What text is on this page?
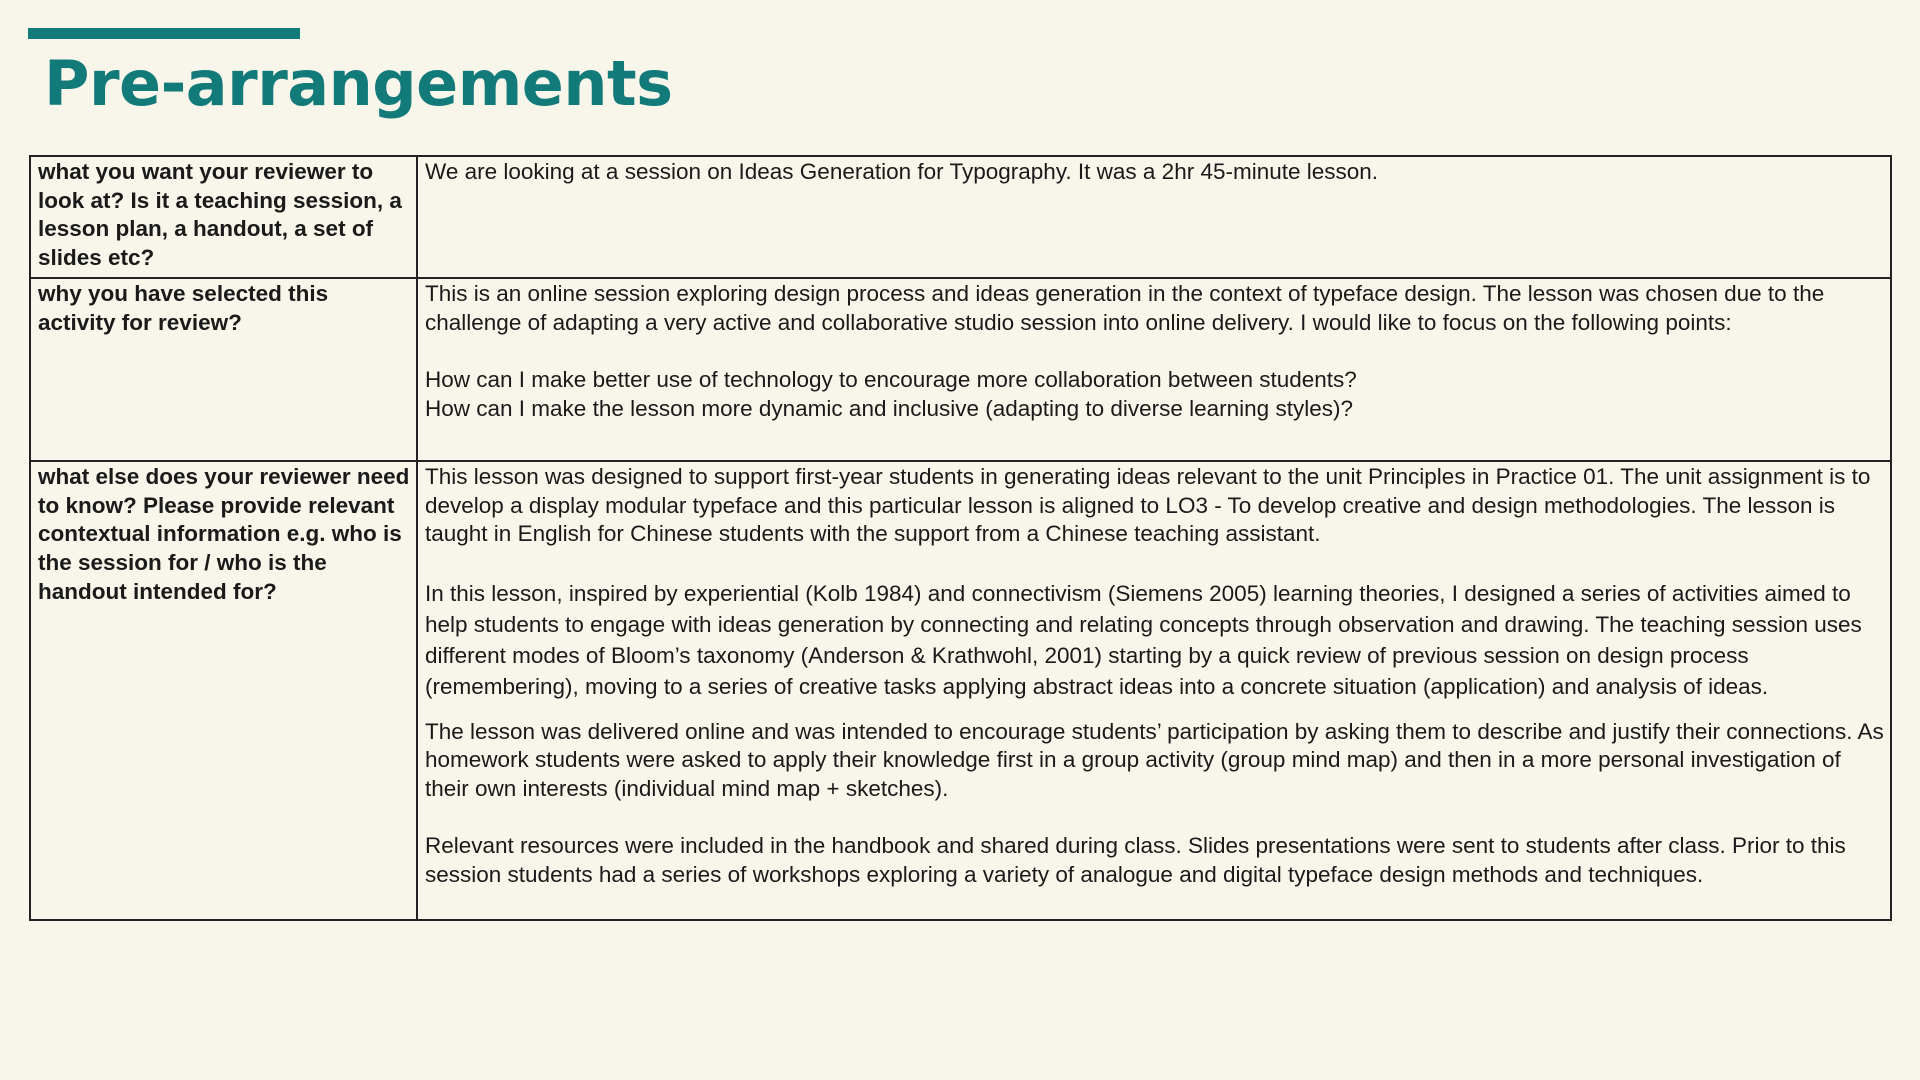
Pre-arrangements

what you want your reviewer to look at? Is it a teaching session, a lesson plan, a handout, a set of slides etc?	We are looking at a session on Ideas Generation for Typography. It was a 2hr 45-minute lesson.

why you have selected this activity for review?	This is an online session exploring design process and ideas generation in the context of typeface design. The lesson was chosen due to the challenge of adapting a very active and collaborative studio session into online delivery. I would like to focus on the following points:

How can I make better use of technology to encourage more collaboration between students?

How can I make the lesson more dynamic and inclusive (adapting to diverse learning styles)?

what else does your reviewer need to know? Please provide relevant contextual information e.g. who is the session for / who is the handout intended for?	This lesson was designed to support first-year students in generating ideas relevant to the unit Principles in Practice 01. The unit assignment is to develop a display modular typeface and this particular lesson is aligned to LO3 - To develop creative and design methodologies. The lesson is taught in English for Chinese students with the support from a Chinese teaching assistant.

In this lesson, inspired by experiential (Kolb 1984) and connectivism (Siemens 2005) learning theories, I designed a series of activities aimed to help students to engage with ideas generation by connecting and relating concepts through observation and drawing. The teaching session uses different modes of Bloom’s taxonomy (Anderson & Krathwohl, 2001) starting by a quick review of previous session on design process (remembering), moving to a series of creative tasks applying abstract ideas into a concrete situation (application) and analysis of ideas.

The lesson was delivered online and was intended to encourage students’ participation by asking them to describe and justify their connections. As homework students were asked to apply their knowledge first in a group activity (group mind map) and then in a more personal investigation of their own interests (individual mind map + sketches).

Relevant resources were included in the handbook and shared during class. Slides presentations were sent to students after class. Prior to this session students had a series of workshops exploring a variety of analogue and digital typeface design methods and techniques.
